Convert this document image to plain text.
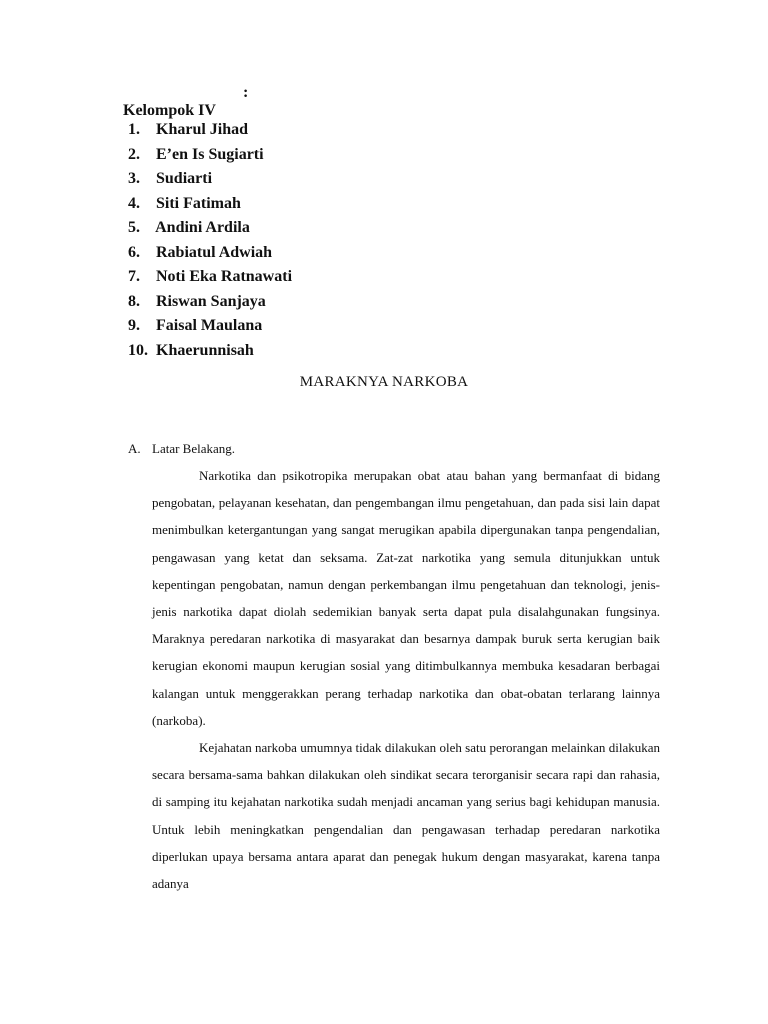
Kelompok IV

:

1. Kharul Jihad
2. E’en Is Sugiarti
3. Sudiarti
4. Siti Fatimah
5. Andini Ardila
6. Rabiatul Adwiah
7. Noti Eka Ratnawati
8. Riswan Sanjaya
9. Faisal Maulana
10. Khaerunnisah
MARAKNYA NARKOBA
A. Latar Belakang.

Narkotika dan psikotropika merupakan obat atau bahan yang bermanfaat di bidang pengobatan, pelayanan kesehatan, dan pengembangan ilmu pengetahuan, dan pada sisi lain dapat menimbulkan ketergantungan yang sangat merugikan apabila dipergunakan tanpa pengendalian, pengawasan yang ketat dan seksama. Zat-zat narkotika yang semula ditunjukkan untuk kepentingan pengobatan, namun dengan perkembangan ilmu pengetahuan dan teknologi, jenis-jenis narkotika dapat diolah sedemikian banyak serta dapat pula disalahgunakan fungsinya. Maraknya peredaran narkotika di masyarakat dan besarnya dampak buruk serta kerugian baik kerugian ekonomi maupun kerugian sosial yang ditimbulkannya membuka kesadaran berbagai kalangan untuk menggerakkan perang terhadap narkotika dan obat-obatan terlarang lainnya (narkoba).

Kejahatan narkoba umumnya tidak dilakukan oleh satu perorangan melainkan dilakukan secara bersama-sama bahkan dilakukan oleh sindikat secara terorganisir secara rapi dan rahasia, di samping itu kejahatan narkotika sudah menjadi ancaman yang serius bagi kehidupan manusia. Untuk lebih meningkatkan pengendalian dan pengawasan terhadap peredaran narkotika diperlukan upaya bersama antara aparat dan penegak hukum dengan masyarakat, karena tanpa adanya
